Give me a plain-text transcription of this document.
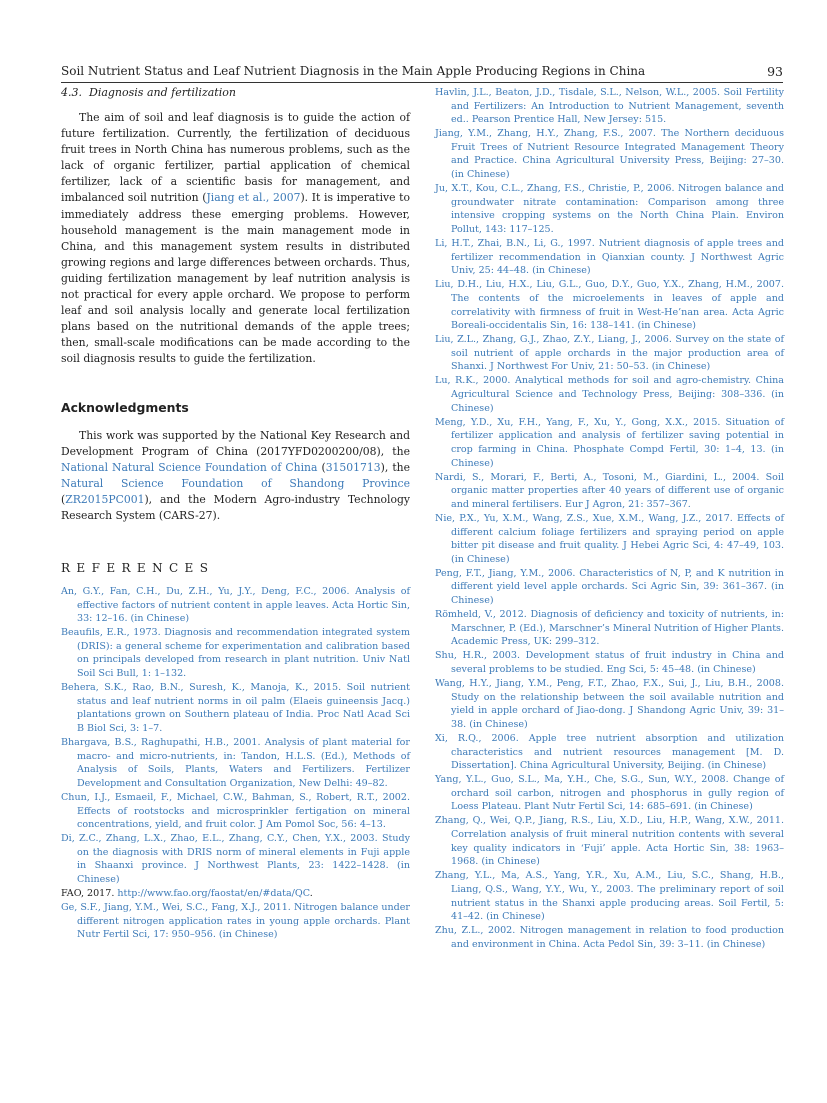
Soil Nutrient Status and Leaf Nutrient Diagnosis in the Main Apple Producing Regions in China	93
4.3. Diagnosis and fertilization

The aim of soil and leaf diagnosis is to guide the action of future fertilization. Currently, the fertilization of deciduous fruit trees in North China has numerous problems, such as the lack of organic fertilizer, partial application of chemical fertilizer, lack of a scientific basis for management, and imbalanced soil nutrition (Jiang et al., 2007). It is imperative to immediately address these emerging problems. However, household management is the main management mode in China, and this management system results in distributed growing regions and large differences between orchards. Thus, guiding fertilization management by leaf nutrition analysis is not practical for every apple orchard. We propose to perform leaf and soil analysis locally and generate local fertilization plans based on the nutritional demands of the apple trees; then, small-scale modifications can be made according to the soil diagnosis results to guide the fertilization.

Acknowledgments

This work was supported by the National Key Research and Development Program of China (2017YFD0200200/08), the National Natural Science Foundation of China (31501713), the Natural Science Foundation of Shandong Province (ZR2015PC001), and the Modern Agro-industry Technology Research System (CARS-27).

REFERENCES
An, G.Y., Fan, C.H., Du, Z.H., Yu, J.Y., Deng, F.C., 2006. Analysis of effective factors of nutrient content in apple leaves. Acta Hortic Sin, 33: 12–16. (in Chinese)
Beaufils, E.R., 1973. Diagnosis and recommendation integrated system (DRIS): a general scheme for experimentation and calibration based on principals developed from research in plant nutrition. Univ Natl Soil Sci Bull, 1: 1–132.
Behera, S.K., Rao, B.N., Suresh, K., Manoja, K., 2015. Soil nutrient status and leaf nutrient norms in oil palm (Elaeis guineensis Jacq.) plantations grown on Southern plateau of India. Proc Natl Acad Sci B Biol Sci, 3: 1–7.
Bhargava, B.S., Raghupathi, H.B., 2001. Analysis of plant material for macro- and micro-nutrients, in: Tandon, H.L.S. (Ed.), Methods of Analysis of Soils, Plants, Waters and Fertilizers. Fertilizer Development and Consultation Organization, New Delhi: 49–82.
Chun, I.J., Esmaeil, F., Michael, C.W., Bahman, S., Robert, R.T., 2002. Effects of rootstocks and microsprinkler fertigation on mineral concentrations, yield, and fruit color. J Am Pomol Soc, 56: 4–13.
Di, Z.C., Zhang, L.X., Zhao, E.L., Zhang, C.Y., Chen, Y.X., 2003. Study on the diagnosis with DRIS norm of mineral elements in Fuji apple in Shaanxi province. J Northwest Plants, 23: 1422–1428. (in Chinese)
FAO, 2017. http://www.fao.org/faostat/en/#data/QC.
Ge, S.F., Jiang, Y.M., Wei, S.C., Fang, X.J., 2011. Nitrogen balance under different nitrogen application rates in young apple orchards. Plant Nutr Fertil Sci, 17: 950–956. (in Chinese)
Havlin, J.L., Beaton, J.D., Tisdale, S.L., Nelson, W.L., 2005. Soil Fertility and Fertilizers: An Introduction to Nutrient Management, seventh ed.. Pearson Prentice Hall, New Jersey: 515.
Jiang, Y.M., Zhang, H.Y., Zhang, F.S., 2007. The Northern deciduous Fruit Trees of Nutrient Resource Integrated Management Theory and Practice. China Agricultural University Press, Beijing: 27–30. (in Chinese)
Ju, X.T., Kou, C.L., Zhang, F.S., Christie, P., 2006. Nitrogen balance and groundwater nitrate contamination: Comparison among three intensive cropping systems on the North China Plain. Environ Pollut, 143: 117–125.
Li, H.T., Zhai, B.N., Li, G., 1997. Nutrient diagnosis of apple trees and fertilizer recommendation in Qianxian county. J Northwest Agric Univ, 25: 44–48. (in Chinese)
Liu, D.H., Liu, H.X., Liu, G.L., Guo, D.Y., Guo, Y.X., Zhang, H.M., 2007. The contents of the microelements in leaves of apple and correlativity with firmness of fruit in West-He’nan area. Acta Agric Boreali-occidentalis Sin, 16: 138–141. (in Chinese)
Liu, Z.L., Zhang, G.J., Zhao, Z.Y., Liang, J., 2006. Survey on the state of soil nutrient of apple orchards in the major production area of Shanxi. J Northwest For Univ, 21: 50–53. (in Chinese)
Lu, R.K., 2000. Analytical methods for soil and agro-chemistry. China Agricultural Science and Technology Press, Beijing: 308–336. (in Chinese)
Meng, Y.D., Xu, F.H., Yang, F., Xu, Y., Gong, X.X., 2015. Situation of fertilizer application and analysis of fertilizer saving potential in crop farming in China. Phosphate Compd Fertil, 30: 1–4, 13. (in Chinese)
Nardi, S., Morari, F., Berti, A., Tosoni, M., Giardini, L., 2004. Soil organic matter properties after 40 years of different use of organic and mineral fertilisers. Eur J Agron, 21: 357–367.
Nie, P.X., Yu, X.M., Wang, Z.S., Xue, X.M., Wang, J.Z., 2017. Effects of different calcium foliage fertilizers and spraying period on apple bitter pit disease and fruit quality. J Hebei Agric Sci, 4: 47–49, 103. (in Chinese)
Peng, F.T., Jiang, Y.M., 2006. Characteristics of N, P, and K nutrition in different yield level apple orchards. Sci Agric Sin, 39: 361–367. (in Chinese)
Römheld, V., 2012. Diagnosis of deficiency and toxicity of nutrients, in: Marschner, P. (Ed.), Marschner’s Mineral Nutrition of Higher Plants. Academic Press, UK: 299–312.
Shu, H.R., 2003. Development status of fruit industry in China and several problems to be studied. Eng Sci, 5: 45–48. (in Chinese)
Wang, H.Y., Jiang, Y.M., Peng, F.T., Zhao, F.X., Sui, J., Liu, B.H., 2008. Study on the relationship between the soil available nutrition and yield in apple orchard of Jiao-dong. J Shandong Agric Univ, 39: 31–38. (in Chinese)
Xi, R.Q., 2006. Apple tree nutrient absorption and utilization characteristics and nutrient resources management [M. D. Dissertation]. China Agricultural University, Beijing. (in Chinese)
Yang, Y.L., Guo, S.L., Ma, Y.H., Che, S.G., Sun, W.Y., 2008. Change of orchard soil carbon, nitrogen and phosphorus in gully region of Loess Plateau. Plant Nutr Fertil Sci, 14: 685–691. (in Chinese)
Zhang, Q., Wei, Q.P., Jiang, R.S., Liu, X.D., Liu, H.P., Wang, X.W., 2011. Correlation analysis of fruit mineral nutrition contents with several key quality indicators in ‘Fuji’ apple. Acta Hortic Sin, 38: 1963–1968. (in Chinese)
Zhang, Y.L., Ma, A.S., Yang, Y.R., Xu, A.M., Liu, S.C., Shang, H.B., Liang, Q.S., Wang, Y.Y., Wu, Y., 2003. The preliminary report of soil nutrient status in the Shanxi apple producing areas. Soil Fertil, 5: 41–42. (in Chinese)
Zhu, Z.L., 2002. Nitrogen management in relation to food production and environment in China. Acta Pedol Sin, 39: 3–11. (in Chinese)
